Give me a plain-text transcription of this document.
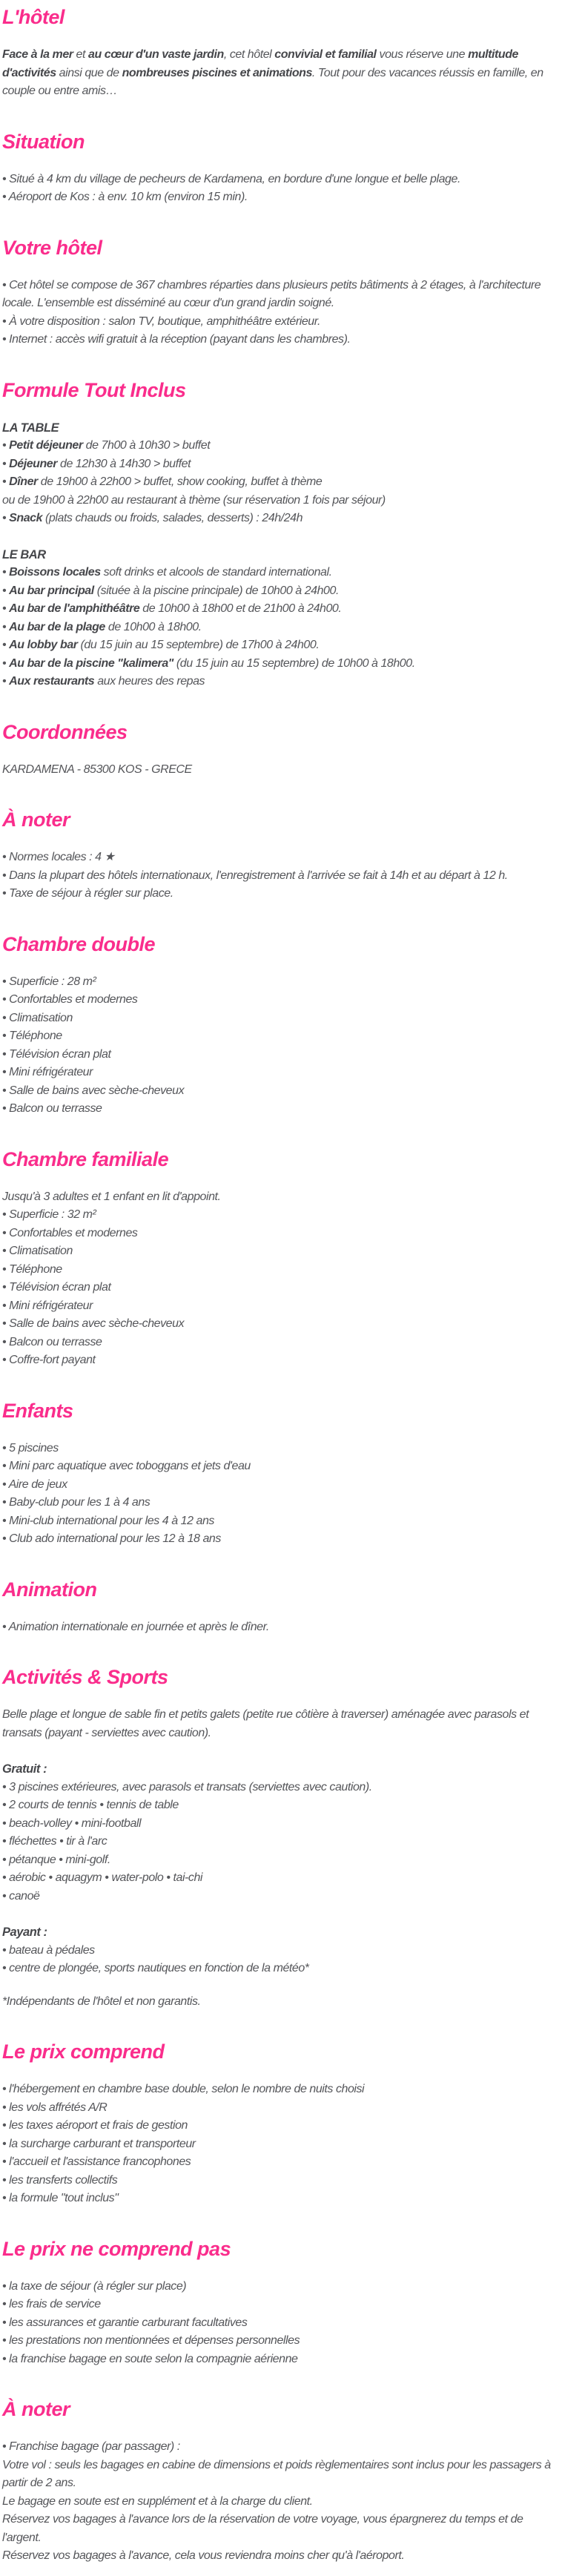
L'hôtel

Face à la mer et au cœur d'un vaste jardin, cet hôtel convivial et familial vous réserve une multitude d'activités ainsi que de nombreuses piscines et animations. Tout pour des vacances réussis en famille, en couple ou entre amis…

Situation

• Situé à 4 km du village de pecheurs de Kardamena, en bordure d'une longue et belle plage.

• Aéroport de Kos : à env. 10 km (environ 15 min).

Votre hôtel

• Cet hôtel se compose de 367 chambres réparties dans plusieurs petits bâtiments à 2 étages, à l'architecture locale. L'ensemble est disséminé au cœur d'un grand jardin soigné.

• À votre disposition : salon TV, boutique, amphithéâtre extérieur.

• Internet : accès wifi gratuit à la réception (payant dans les chambres).

Formule Tout Inclus
LA TABLE

• Petit déjeuner de 7h00 à 10h30 > buffet

• Déjeuner de 12h30 à 14h30 > buffet

• Dîner de 19h00 à 22h00 > buffet, show cooking, buffet à thème

ou de 19h00 à 22h00 au restaurant à thème (sur réservation 1 fois par séjour)

• Snack (plats chauds ou froids, salades, desserts) : 24h/24h

LE BAR

• Boissons locales soft drinks et alcools de standard international.

• Au bar principal (située à la piscine principale) de 10h00 à 24h00.

• Au bar de l'amphithéâtre de 10h00 à 18h00 et de 21h00 à 24h00.

• Au bar de la plage de 10h00 à 18h00.

• Au lobby bar (du 15 juin au 15 septembre) de 17h00 à 24h00.

• Au bar de la piscine "kalimera" (du 15 juin au 15 septembre) de 10h00 à 18h00.

• Aux restaurants aux heures des repas

Coordonnées

KARDAMENA - 85300 KOS - GRECE

À noter

• Normes locales : 4 ★

• Dans la plupart des hôtels internationaux, l'enregistrement à l'arrivée se fait à 14h et au départ à 12 h.

• Taxe de séjour à régler sur place.

Chambre double

• Superficie : 28 m²

• Confortables et modernes

• Climatisation

• Téléphone

• Télévision écran plat

• Mini réfrigérateur

• Salle de bains avec sèche-cheveux

• Balcon ou terrasse

Chambre familiale

Jusqu'à 3 adultes et 1 enfant en lit d'appoint.

• Superficie : 32 m²

• Confortables et modernes

• Climatisation

• Téléphone

• Télévision écran plat

• Mini réfrigérateur

• Salle de bains avec sèche-cheveux

• Balcon ou terrasse

• Coffre-fort payant

Enfants

• 5 piscines

• Mini parc aquatique avec toboggans et jets d'eau

• Aire de jeux

• Baby-club pour les 1 à 4 ans

• Mini-club international pour les 4 à 12 ans

• Club ado international pour les 12 à 18 ans

Animation

• Animation internationale en journée et après le dîner.

Activités & Sports

Belle plage et longue de sable fin et petits galets (petite rue côtière à traverser) aménagée avec parasols et transats (payant - serviettes avec caution).

Gratuit :

• 3 piscines extérieures, avec parasols et transats (serviettes avec caution).

• 2 courts de tennis • tennis de table

• beach-volley • mini-football

• fléchettes • tir à l'arc

• pétanque • mini-golf.

• aérobic • aquagym • water-polo • tai-chi

• canoë

Payant :

• bateau à pédales

• centre de plongée, sports nautiques en fonction de la météo*

*Indépendants de l'hôtel et non garantis.

Le prix comprend

• l'hébergement en chambre base double, selon le nombre de nuits choisi

• les vols affrétés A/R

• les taxes aéroport et frais de gestion

• la surcharge carburant et transporteur

• l'accueil et l'assistance francophones

• les transferts collectifs

• la formule "tout inclus"

Le prix ne comprend pas

• la taxe de séjour (à régler sur place)

• les frais de service

• les assurances et garantie carburant facultatives

• les prestations non mentionnées et dépenses personnelles

• la franchise bagage en soute selon la compagnie aérienne

À noter

• Franchise bagage (par passager) :

Votre vol : seuls les bagages en cabine de dimensions et poids règlementaires sont inclus pour les passagers à partir de 2 ans.

Le bagage en soute est en supplément et à la charge du client.

Réservez vos bagages à l'avance lors de la réservation de votre voyage, vous épargnerez du temps et de l'argent.

Réservez vos bagages à l'avance, cela vous reviendra moins cher qu'à l'aéroport.
